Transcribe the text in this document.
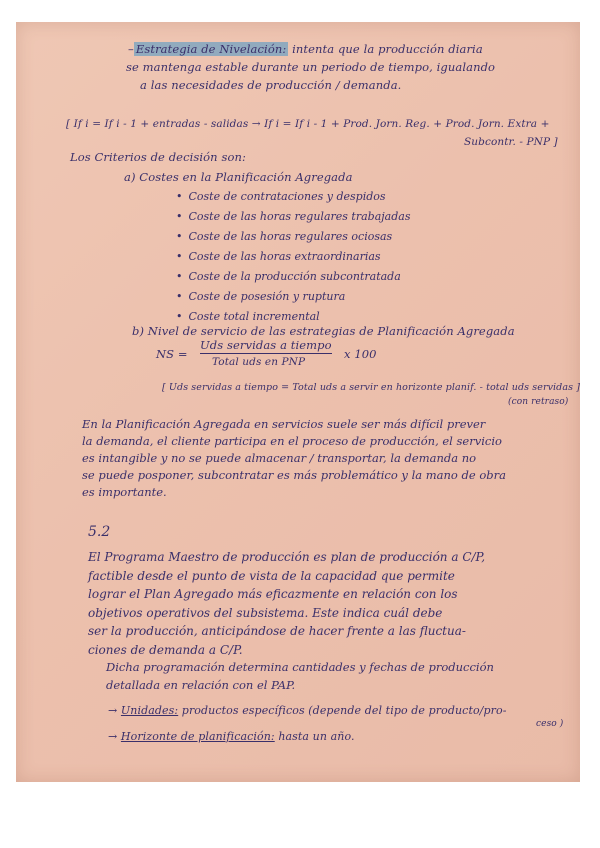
– Estrategia de Nivelación: intenta que la producción diaria
se mantenga estable durante un periodo de tiempo, igualando
a las necesidades de producción / demanda.
[ If i = If i - 1 + entradas - salidas → If i = If i - 1 + Prod. Jorn. Reg. + Prod. Jorn. Extra +
Subcontr. - PNP ]
Los Criterios de decisión son:
a) Costes en la Planificación Agregada
• Coste de contrataciones y despidos
• Coste de las horas regulares trabajadas
• Coste de las horas regulares ociosas
• Coste de las horas extraordinarias
• Coste de la producción subcontratada
• Coste de posesión y ruptura
• Coste total incremental
b) Nivel de servicio de las estrategias de Planificación Agregada
NS =
Uds servidas a tiempo
Total uds en PNP
x 100
[ Uds servidas a tiempo = Total uds a servir en horizonte planif. - total uds servidas ]
(con retraso)
En la Planificación Agregada en servicios suele ser más difícil prever
la demanda, el cliente participa en el proceso de producción, el servicio
es intangible y no se puede almacenar / transportar, la demanda no
se puede posponer, subcontratar es más problemático y la mano de obra
es importante.
5.2
El Programa Maestro de producción es plan de producción a C/P,
factible desde el punto de vista de la capacidad que permite
lograr el Plan Agregado más eficazmente en relación con los
objetivos operativos del subsistema. Este indica cuál debe
ser la producción, anticipándose de hacer frente a las fluctua-
ciones de demanda a C/P.
Dicha programación determina cantidades y fechas de producción
detallada en relación con el PAP.
→ Unidades: productos específicos (depende del tipo de producto/pro-
ceso )
→ Horizonte de planificación: hasta un año.
